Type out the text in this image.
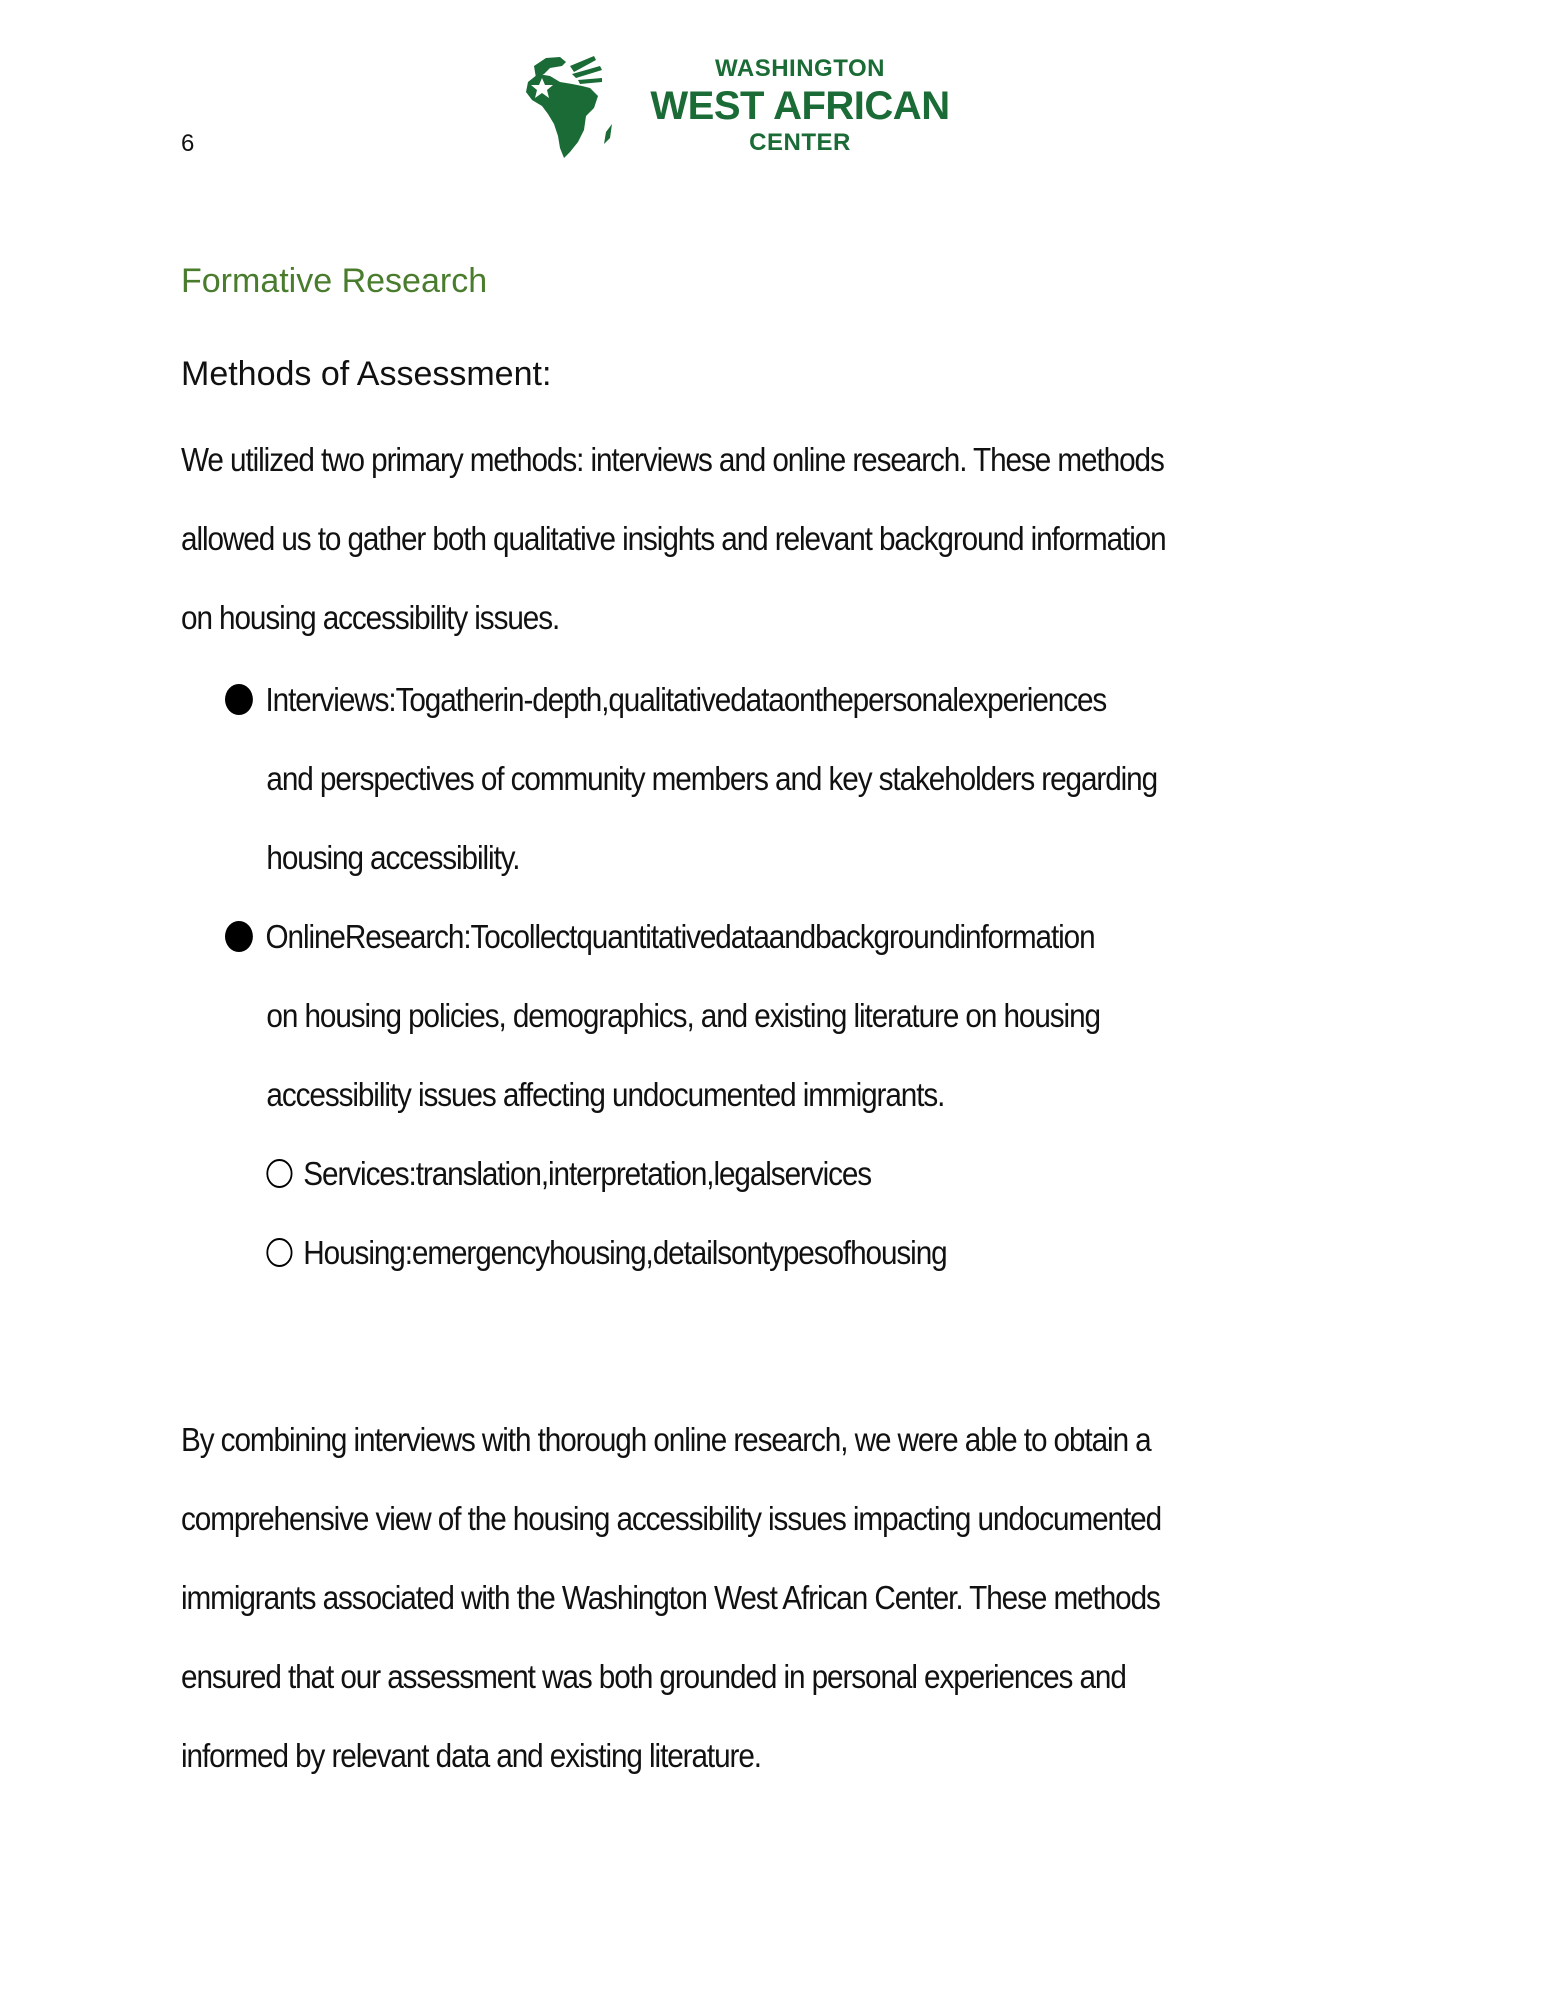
6
WASHINGTON
WEST AFRICAN
CENTER
Formative Research
Methods of Assessment:
We utilized two primary methods: interviews and online research. These methods
allowed us to gather both qualitative insights and relevant background information
on housing accessibility issues.
Interviews:Togatherin-depth,qualitativedataonthepersonalexperiences
and perspectives of community members and key stakeholders regarding
housing accessibility.
OnlineResearch:Tocollectquantitativedataandbackgroundinformation
on housing policies, demographics, and existing literature on housing
accessibility issues affecting undocumented immigrants.
Services:translation,interpretation,legalservices
Housing:emergencyhousing,detailsontypesofhousing
By combining interviews with thorough online research, we were able to obtain a
comprehensive view of the housing accessibility issues impacting undocumented
immigrants associated with the Washington West African Center. These methods
ensured that our assessment was both grounded in personal experiences and
informed by relevant data and existing literature.
